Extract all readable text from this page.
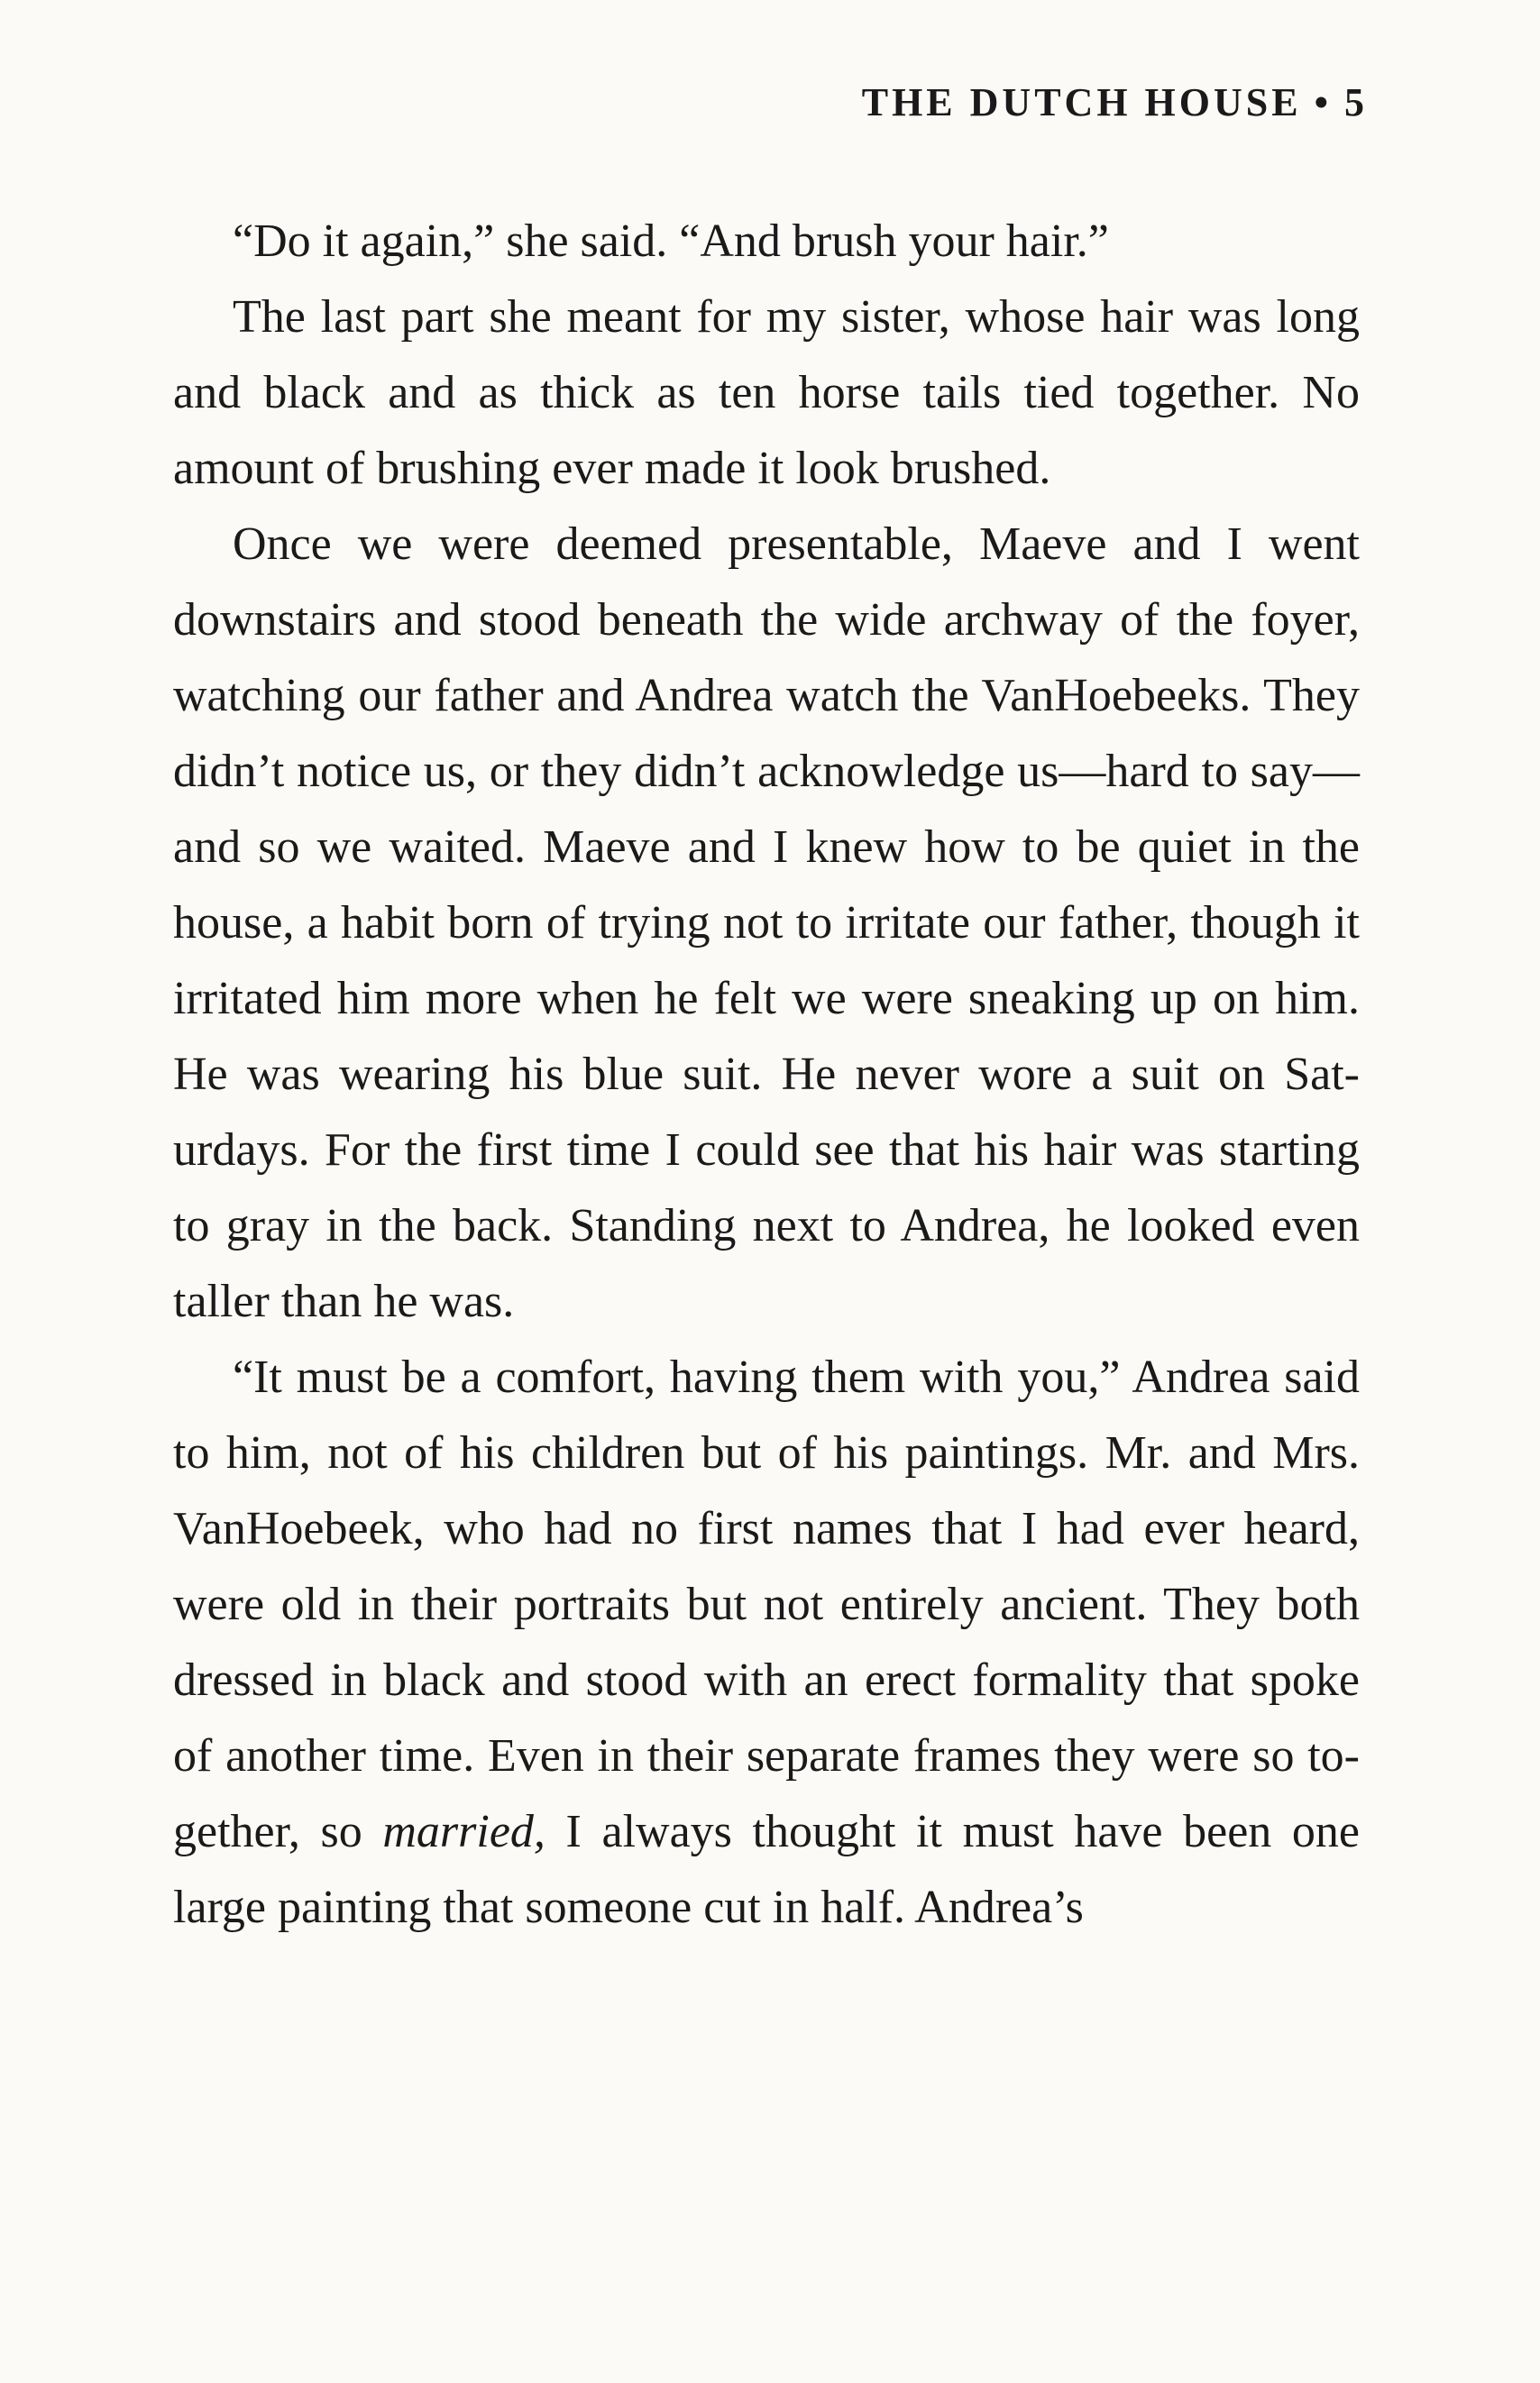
THE DUTCH HOUSE • 5

“Do it again,” she said. “And brush your hair.”

The last part she meant for my sister, whose hair was long and black and as thick as ten horse tails tied together. No amount of brushing ever made it look brushed.

Once we were deemed presentable, Maeve and I went downstairs and stood beneath the wide archway of the foyer, watching our father and Andrea watch the VanHoebeeks. They didn’t notice us, or they didn’t acknowledge us—hard to say—and so we waited. Maeve and I knew how to be quiet in the house, a habit born of trying not to irritate our father, though it irritated him more when he felt we were sneaking up on him. He was wearing his blue suit. He never wore a suit on Saturdays. For the first time I could see that his hair was starting to gray in the back. Standing next to Andrea, he looked even taller than he was.

“It must be a comfort, having them with you,” Andrea said to him, not of his children but of his paintings. Mr. and Mrs. VanHoebeek, who had no first names that I had ever heard, were old in their portraits but not entirely ancient. They both dressed in black and stood with an erect formality that spoke of another time. Even in their separate frames they were so together, so married, I always thought it must have been one large painting that someone cut in half. Andrea’s
